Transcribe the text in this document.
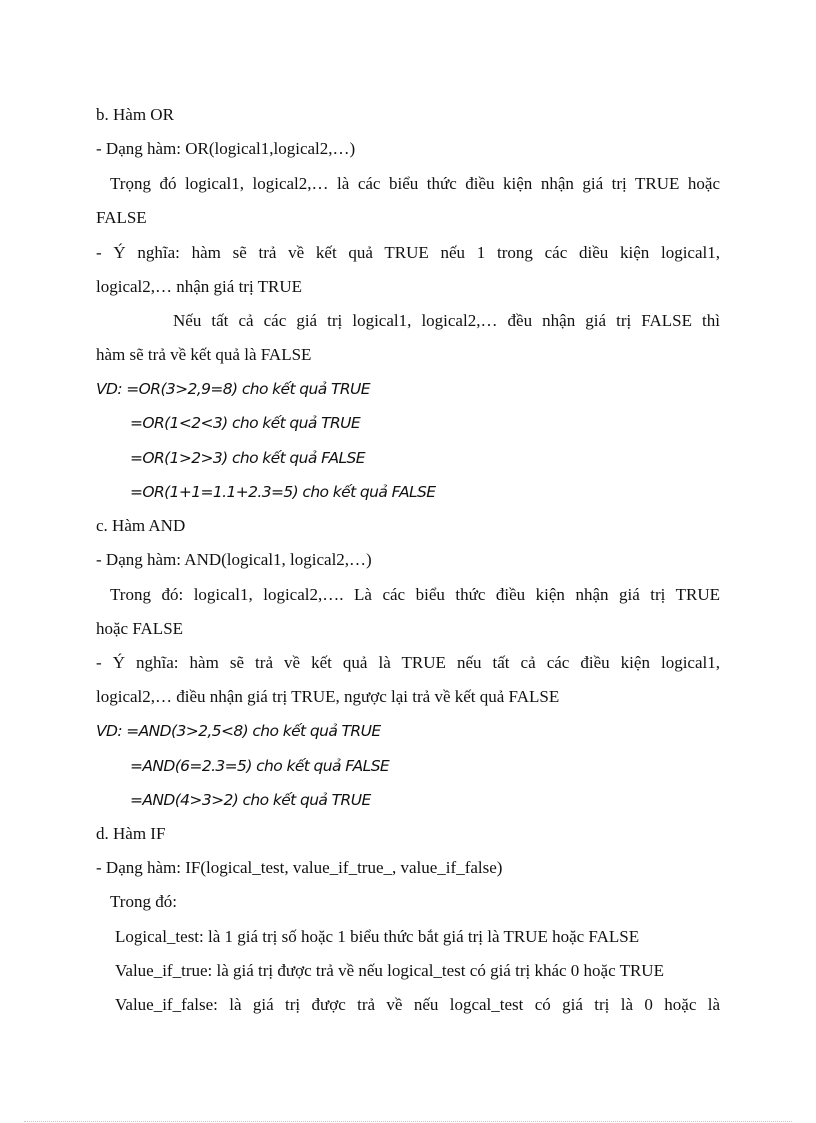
b. Hàm OR
- Dạng hàm: OR(logical1,logical2,…)
Trọng đó logical1, logical2,… là các biểu thức điều kiện nhận giá trị TRUE hoặc
FALSE
- Ý nghĩa: hàm sẽ trả về kết quả TRUE nếu 1 trong các diều kiện logical1,
logical2,… nhận giá trị TRUE
Nếu tất cả các giá trị logical1, logical2,… đều nhận giá trị FALSE thì
hàm sẽ trả về kết quả là FALSE
VD: =OR(3>2,9=8) cho kết quả TRUE
=OR(1<2<3) cho kết quả TRUE
=OR(1>2>3) cho kết quả FALSE
=OR(1+1=1.1+2.3=5) cho kết quả FALSE
c. Hàm AND
- Dạng hàm: AND(logical1, logical2,…)
Trong đó: logical1, logical2,…. Là các biểu thức điều kiện nhận giá trị TRUE
hoặc FALSE
- Ý nghĩa: hàm sẽ trả về kết quả là TRUE nếu tất cả các điều kiện logical1,
logical2,… điều nhận giá trị TRUE, ngược lại trả về kết quả FALSE
VD: =AND(3>2,5<8) cho kết quả TRUE
=AND(6=2.3=5) cho kết quả FALSE
=AND(4>3>2) cho kết quả TRUE
d. Hàm IF
- Dạng hàm: IF(logical_test, value_if_true_, value_if_false)
Trong đó:
Logical_test: là 1 giá trị số hoặc 1 biểu thức bắt giá trị là TRUE hoặc FALSE
Value_if_true: là giá trị được trả về nếu logical_test có giá trị khác 0 hoặc TRUE
Value_if_false: là giá trị được trả về nếu logcal_test có giá trị là 0 hoặc là
